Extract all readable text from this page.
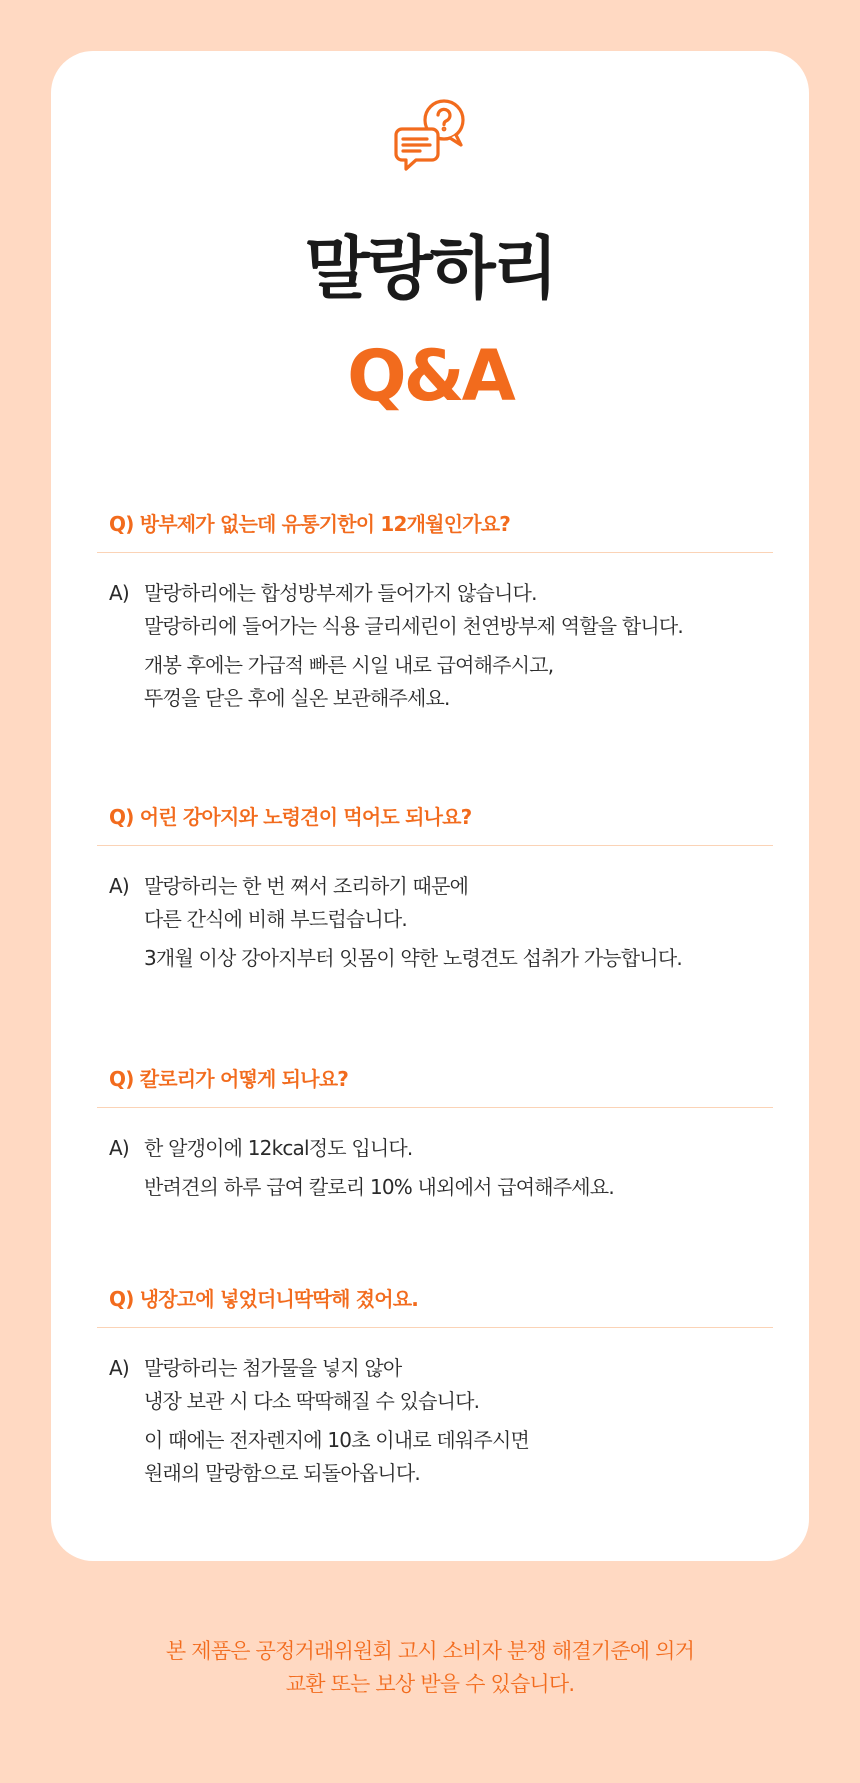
말랑하리
Q&A
Q) 방부제가 없는데 유통기한이 12개월인가요?
A) 말랑하리에는 합성방부제가 들어가지 않습니다.
말랑하리에 들어가는 식용 글리세린이 천연방부제 역할을 합니다.
개봉 후에는 가급적 빠른 시일 내로 급여해주시고,
뚜껑을 닫은 후에 실온 보관해주세요.
Q) 어린 강아지와 노령견이 먹어도 되나요?
A) 말랑하리는 한 번 쪄서 조리하기 때문에
다른 간식에 비해 부드럽습니다.
3개월 이상 강아지부터 잇몸이 약한 노령견도 섭취가 가능합니다.
Q) 칼로리가 어떻게 되나요?
A) 한 알갱이에 12kcal정도 입니다.
반려견의 하루 급여 칼로리 10% 내외에서 급여해주세요.
Q) 냉장고에 넣었더니딱딱해 졌어요.
A) 말랑하리는 첨가물을 넣지 않아
냉장 보관 시 다소 딱딱해질 수 있습니다.
이 때에는 전자렌지에 10초 이내로 데워주시면
원래의 말랑함으로 되돌아옵니다.
본 제품은 공정거래위원회 고시 소비자 분쟁 해결기준에 의거
교환 또는 보상 받을 수 있습니다.
